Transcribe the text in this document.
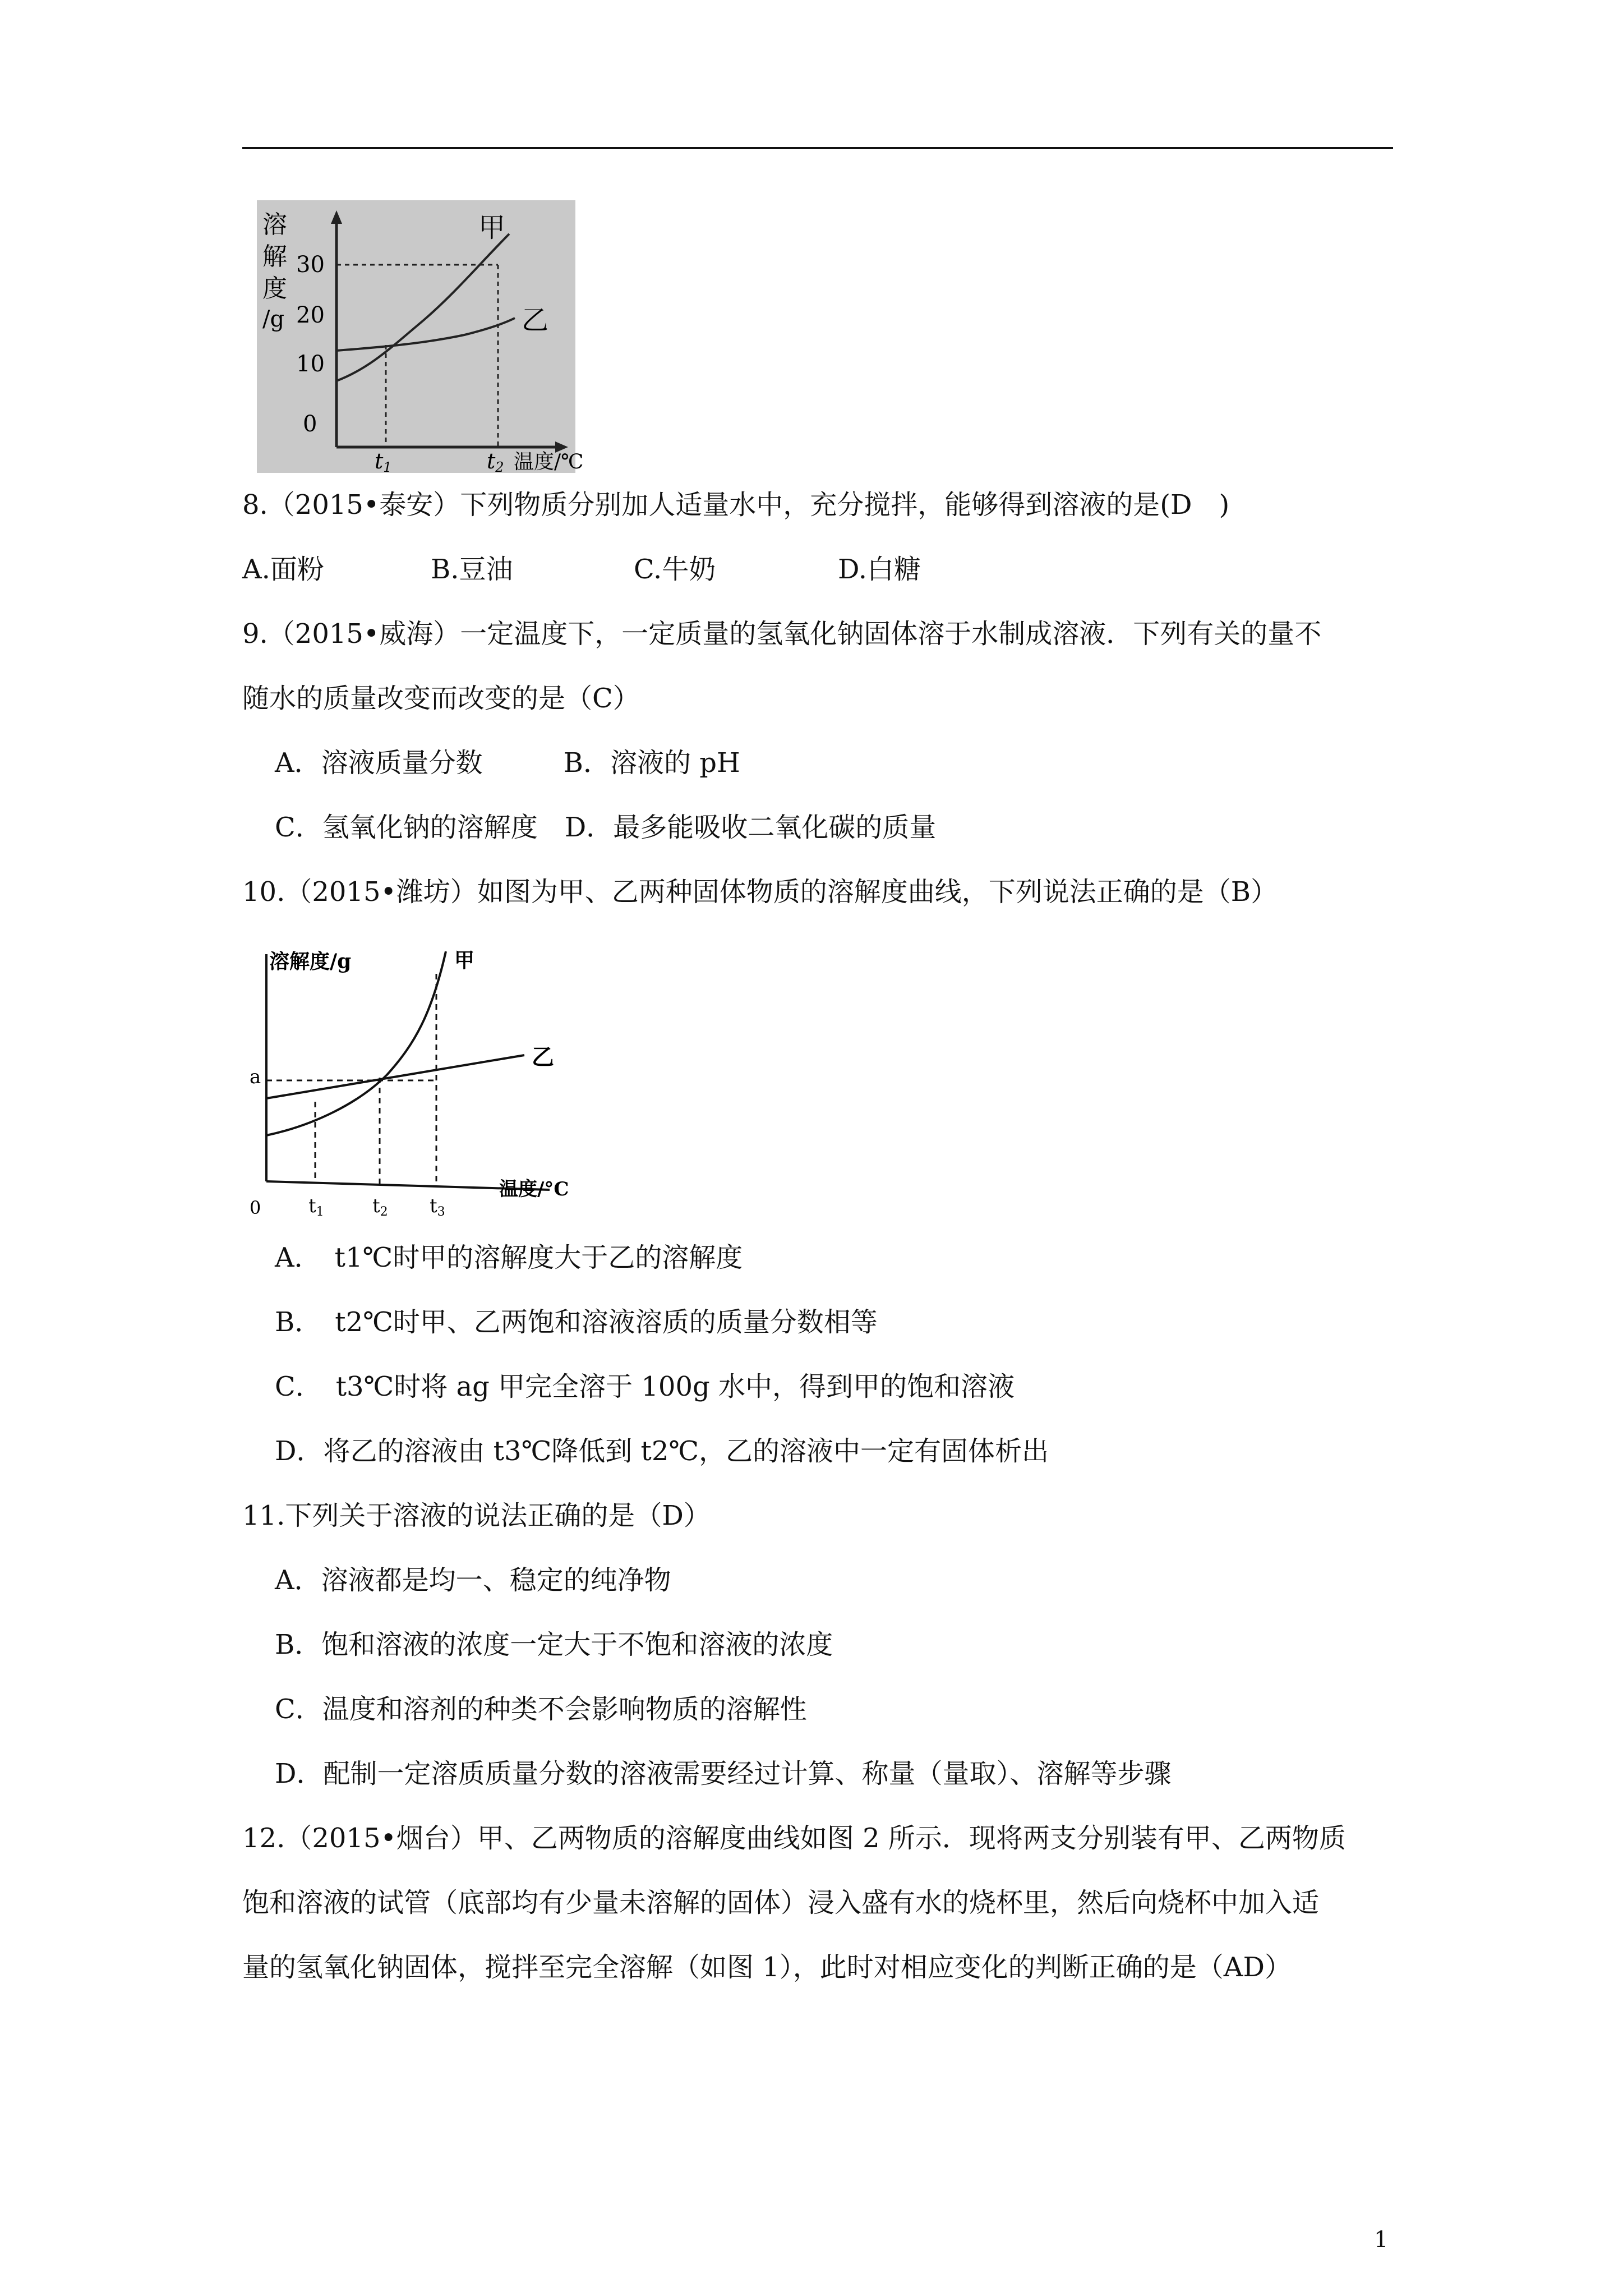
溶
解
度
/g
30
20
10
0
甲
乙
t1	t2 温度/℃
8.（2015•泰安）下列物质分别加人适量水中，充分搅拌，能够得到溶液的是(D　)
A.面粉	B.豆油	C.牛奶	D.白糖
9.（2015•威海）一定温度下，一定质量的氢氧化钠固体溶于水制成溶液．下列有关的量不
随水的质量改变而改变的是（C）
A．溶液质量分数　　　B．溶液的 pH
C．氢氧化钠的溶解度　D．最多能吸收二氧化碳的质量
10.（2015•潍坊）如图为甲、乙两种固体物质的溶解度曲线，下列说法正确的是（B）
溶解度/g
a
0
甲
乙
t1	t2 t3
温度/°C
A．　t1℃时甲的溶解度大于乙的溶解度
B．　t2℃时甲、乙两饱和溶液溶质的质量分数相等
C．　t3℃时将 ag 甲完全溶于 100g 水中，得到甲的饱和溶液
D．将乙的溶液由 t3℃降低到 t2℃，乙的溶液中一定有固体析出
11.下列关于溶液的说法正确的是（D）
A．溶液都是均一、稳定的纯净物
B．饱和溶液的浓度一定大于不饱和溶液的浓度
C．温度和溶剂的种类不会影响物质的溶解性
D．配制一定溶质质量分数的溶液需要经过计算、称量（量取）、溶解等步骤
12.（2015•烟台）甲、乙两物质的溶解度曲线如图 2 所示．现将两支分别装有甲、乙两物质
饱和溶液的试管（底部均有少量未溶解的固体）浸入盛有水的烧杯里，然后向烧杯中加入适
量的氢氧化钠固体，搅拌至完全溶解（如图 1），此时对相应变化的判断正确的是（AD）
1
